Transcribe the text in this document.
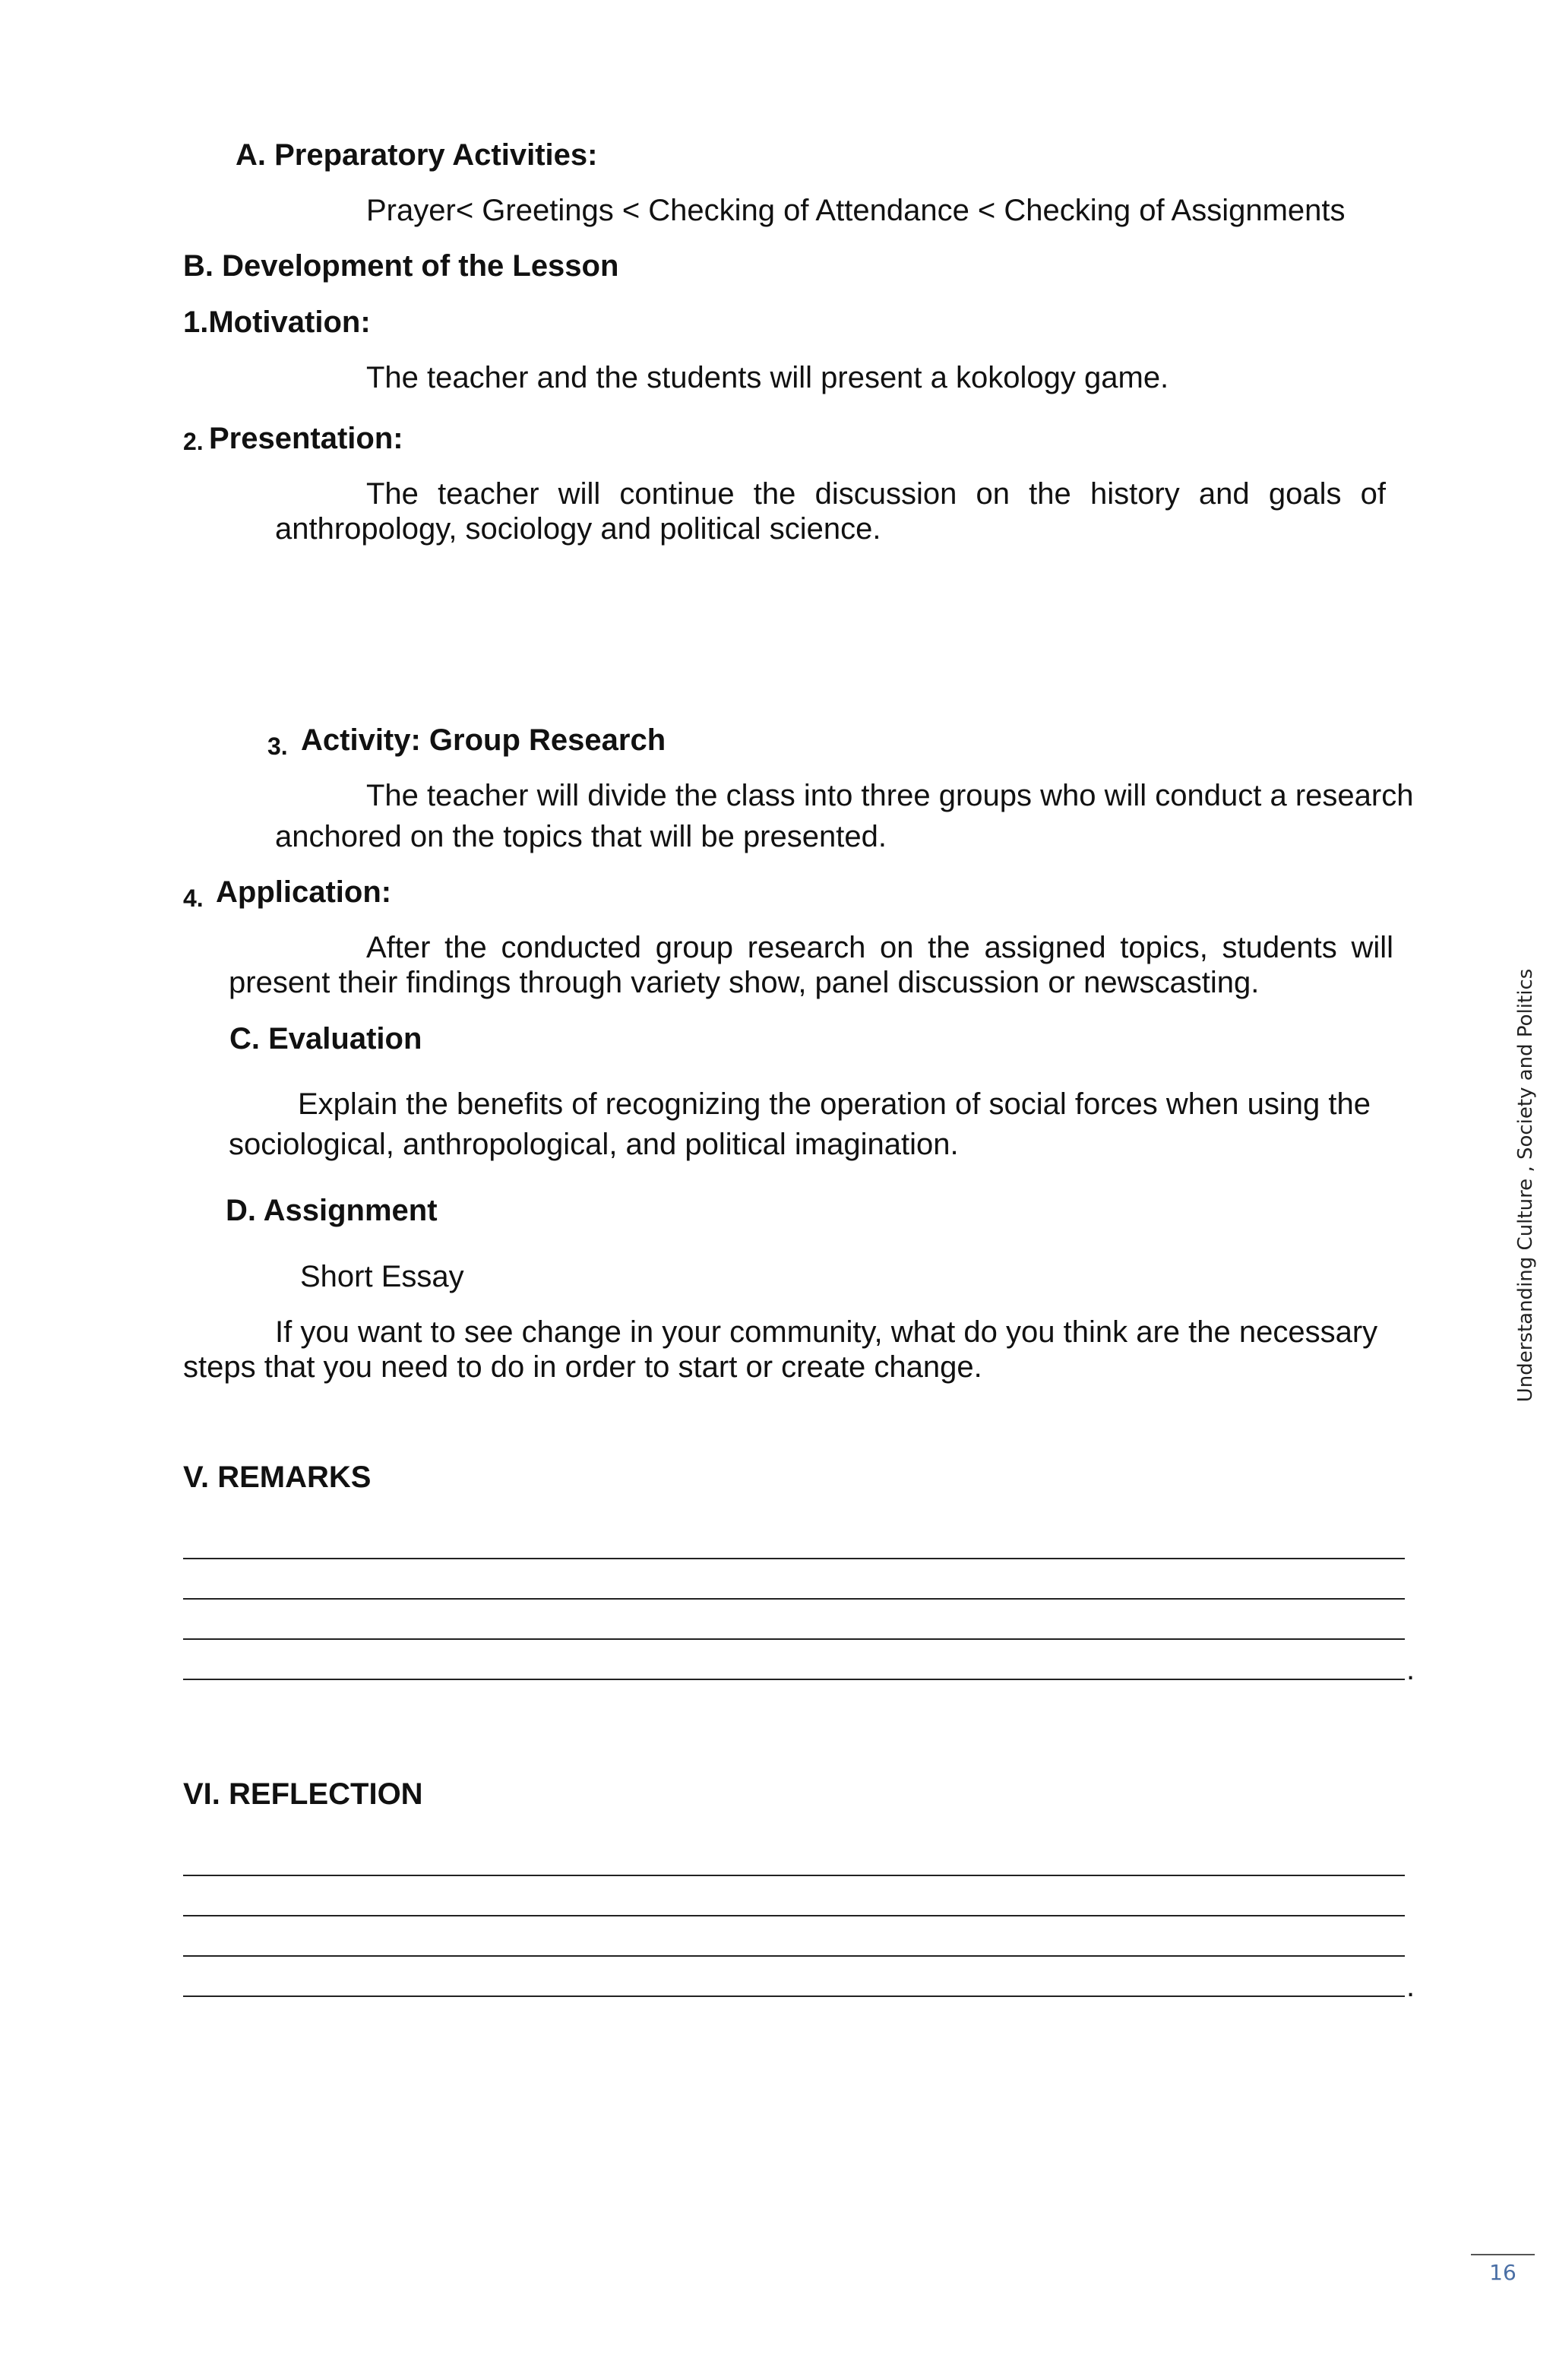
A. Preparatory Activities:
Prayer< Greetings < Checking of Attendance < Checking of Assignments
B. Development of the Lesson
1.Motivation:
The teacher and the students will present a kokology game.
2. Presentation:
The teacher will continue the discussion on the history and goals of
anthropology, sociology and political science.
3. Activity: Group Research
The teacher will divide the class into three groups who will conduct a research
anchored on the topics that will be presented.
4. Application:
After the conducted group research on the assigned topics, students will
present their findings through variety show, panel discussion or newscasting.
C. Evaluation
Explain the benefits of recognizing the operation of social forces when using the
sociological, anthropological, and political imagination.
D. Assignment
Short Essay
If you want to see change in your community, what do you think are the necessary
steps that you need to do in order to start or create change.
V. REMARKS
.
VI. REFLECTION
.
Understanding Culture , Society and Politics
16
